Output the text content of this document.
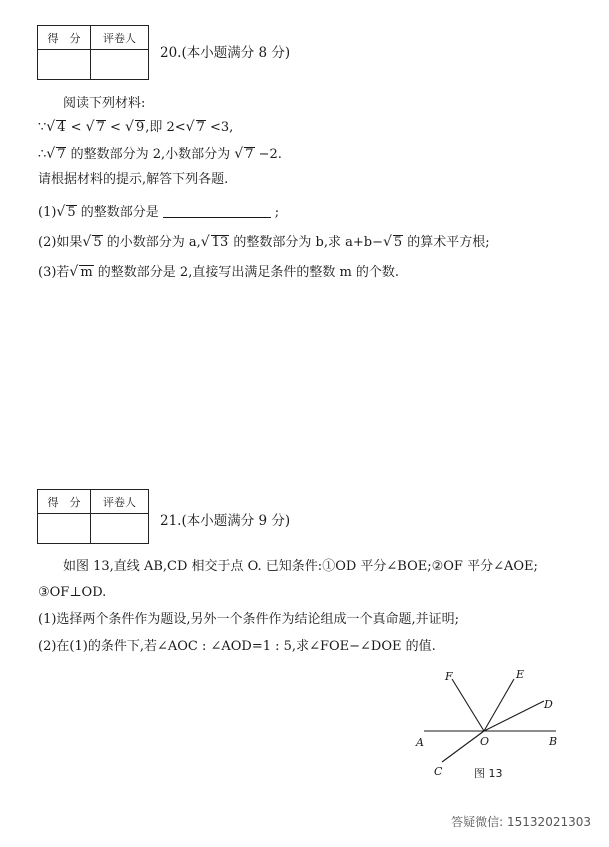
得　分	评卷人

20.(本小题满分 8 分)
阅读下列材料:
∵√ 4 < √ 7 < √ 9,即 2<√ 7 <3,
∴√ 7 的整数部分为 2,小数部分为 √ 7 −2.
请根据材料的提示,解答下列各题.
(1)√ 5 的整数部分是	;
(2)如果√ 5 的小数部分为 a,√ 13 的整数部分为 b,求 a+b−√ 5 的算术平方根;
(3)若√ m 的整数部分是 2,直接写出满足条件的整数 m 的个数.
得　分	评卷人

21.(本小题满分 9 分)
如图 13,直线 AB,CD 相交于点 O. 已知条件:①OD 平分∠BOE;②OF 平分∠AOE;
③OF⊥OD.
(1)选择两个条件作为题设,另外一个条件作为结论组成一个真命题,并证明;
(2)在(1)的条件下,若∠AOC : ∠AOD=1 : 5,求∠FOE−∠DOE 的值.
F	E
D
A	O	B
C	图 13
答疑微信: 15132021303
